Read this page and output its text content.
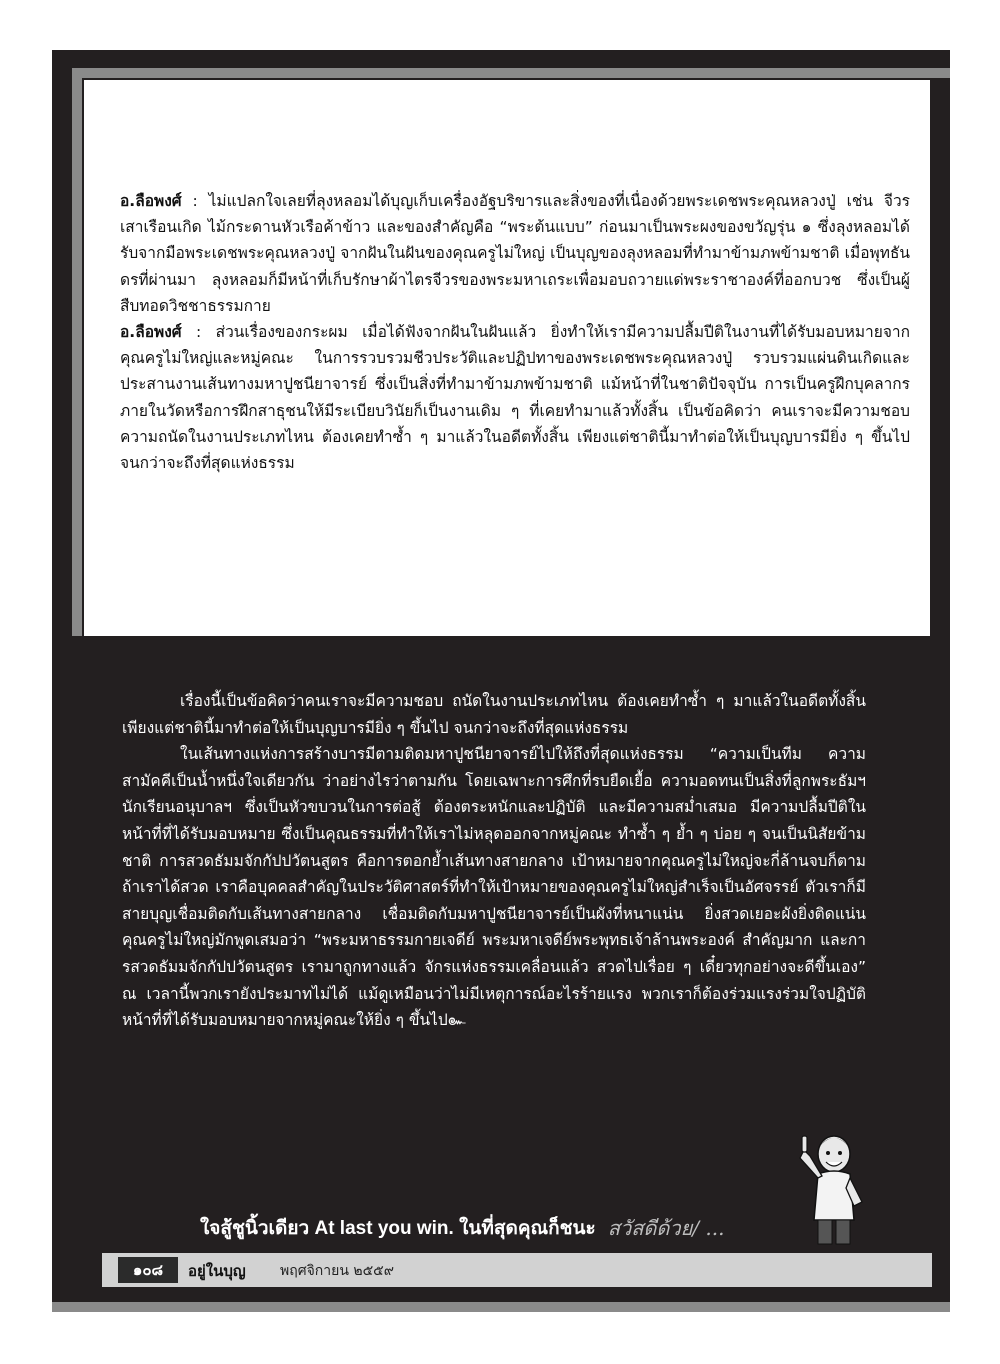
อ.ลือพงศ์ : ไม่แปลกใจเลยที่ลุงหลอมได้บุญเก็บเครื่องอัฐบริขารและสิ่งของที่เนื่องด้วยพระเดชพระคุณหลวงปู่ เช่น จีวร เสาเรือนเกิด ไม้กระดานหัวเรือค้าข้าว และของสำคัญคือ “พระต้นแบบ” ก่อนมาเป็นพระผงของขวัญรุ่น ๑ ซึ่งลุงหลอมได้รับจากมือพระเดชพระคุณหลวงปู่ จากฝันในฝันของคุณครูไม่ใหญ่ เป็นบุญของลุงหลอมที่ทำมาข้ามภพข้ามชาติ เมื่อพุทธันดรที่ผ่านมา ลุงหลอมก็มีหน้าที่เก็บรักษาผ้าไตรจีวรของพระมหาเถระเพื่อมอบถวายแด่พระราชาองค์ที่ออกบวช ซึ่งเป็นผู้สืบทอดวิชชาธรรมกาย

อ.ลือพงศ์ : ส่วนเรื่องของกระผม เมื่อได้ฟังจากฝันในฝันแล้ว ยิ่งทำให้เรามีความปลื้มปีติในงานที่ได้รับมอบหมายจากคุณครูไม่ใหญ่และหมู่คณะ ในการรวบรวมชีวประวัติและปฏิปทาของพระเดชพระคุณหลวงปู่ รวบรวมแผ่นดินเกิดและประสานงานเส้นทางมหาปูชนียาจารย์ ซึ่งเป็นสิ่งที่ทำมาข้ามภพข้ามชาติ แม้หน้าที่ในชาติปัจจุบัน การเป็นครูฝึกบุคลากรภายในวัดหรือการฝึกสาธุชนให้มีระเบียบวินัยก็เป็นงานเดิม ๆ ที่เคยทำมาแล้วทั้งสิ้น เป็นข้อคิดว่า คนเราจะมีความชอบ ความถนัดในงานประเภทไหน ต้องเคยทำซ้ำ ๆ มาแล้วในอดีตทั้งสิ้น เพียงแต่ชาตินี้มาทำต่อให้เป็นบุญบารมียิ่ง ๆ ขึ้นไปจนกว่าจะถึงที่สุดแห่งธรรม

เรื่องนี้เป็นข้อคิดว่าคนเราจะมีความชอบ ถนัดในงานประเภทไหน ต้องเคยทำซ้ำ ๆ มาแล้วในอดีตทั้งสิ้น เพียงแต่ชาตินี้มาทำต่อให้เป็นบุญบารมียิ่ง ๆ ขึ้นไป จนกว่าจะถึงที่สุดแห่งธรรม

ในเส้นทางแห่งการสร้างบารมีตามติดมหาปูชนียาจารย์ไปให้ถึงที่สุดแห่งธรรม “ความเป็นทีม ความสามัคคีเป็นน้ำหนึ่งใจเดียวกัน ว่าอย่างไรว่าตามกัน โดยเฉพาะการศึกที่รบยืดเยื้อ ความอดทนเป็นสิ่งที่ลูกพระธัมฯ นักเรียนอนุบาลฯ ซึ่งเป็นหัวขบวนในการต่อสู้ ต้องตระหนักและปฏิบัติ และมีความสม่ำเสมอ มีความปลื้มปีติในหน้าที่ที่ได้รับมอบหมาย ซึ่งเป็นคุณธรรมที่ทำให้เราไม่หลุดออกจากหมู่คณะ ทำซ้ำ ๆ ย้ำ ๆ บ่อย ๆ จนเป็นนิสัยข้ามชาติ การสวดธัมมจักกัปปวัตนสูตร คือการตอกย้ำเส้นทางสายกลาง เป้าหมายจากคุณครูไม่ใหญ่จะกี่ล้านจบก็ตาม ถ้าเราได้สวด เราคือบุคคลสำคัญในประวัติศาสตร์ที่ทำให้เป้าหมายของคุณครูไม่ใหญ่สำเร็จเป็นอัศจรรย์ ตัวเราก็มีสายบุญเชื่อมติดกับเส้นทางสายกลาง เชื่อมติดกับมหาปูชนียาจารย์เป็นผังที่หนาแน่น ยิ่งสวดเยอะผังยิ่งติดแน่น คุณครูไม่ใหญ่มักพูดเสมอว่า “พระมหาธรรมกายเจดีย์ พระมหาเจดีย์พระพุทธเจ้าล้านพระองค์ สำคัญมาก และการสวดธัมมจักกัปปวัตนสูตร เรามาถูกทางแล้ว จักรแห่งธรรมเคลื่อนแล้ว สวดไปเรื่อย ๆ เดี๋ยวทุกอย่างจะดีขึ้นเอง” ณ เวลานี้พวกเรายังประมาทไม่ได้ แม้ดูเหมือนว่าไม่มีเหตุการณ์อะไรร้ายแรง พวกเราก็ต้องร่วมแรงร่วมใจปฏิบัติหน้าที่ที่ได้รับมอบหมายจากหมู่คณะให้ยิ่ง ๆ ขึ้นไป๛

ใจสู้ชูนิ้วเดียว At last you win. ในที่สุดคุณก็ชนะ สวัสดีด้วย/ ...
๑๐๘	อยู่ในบุญ พฤศจิกายน ๒๕๕๙
